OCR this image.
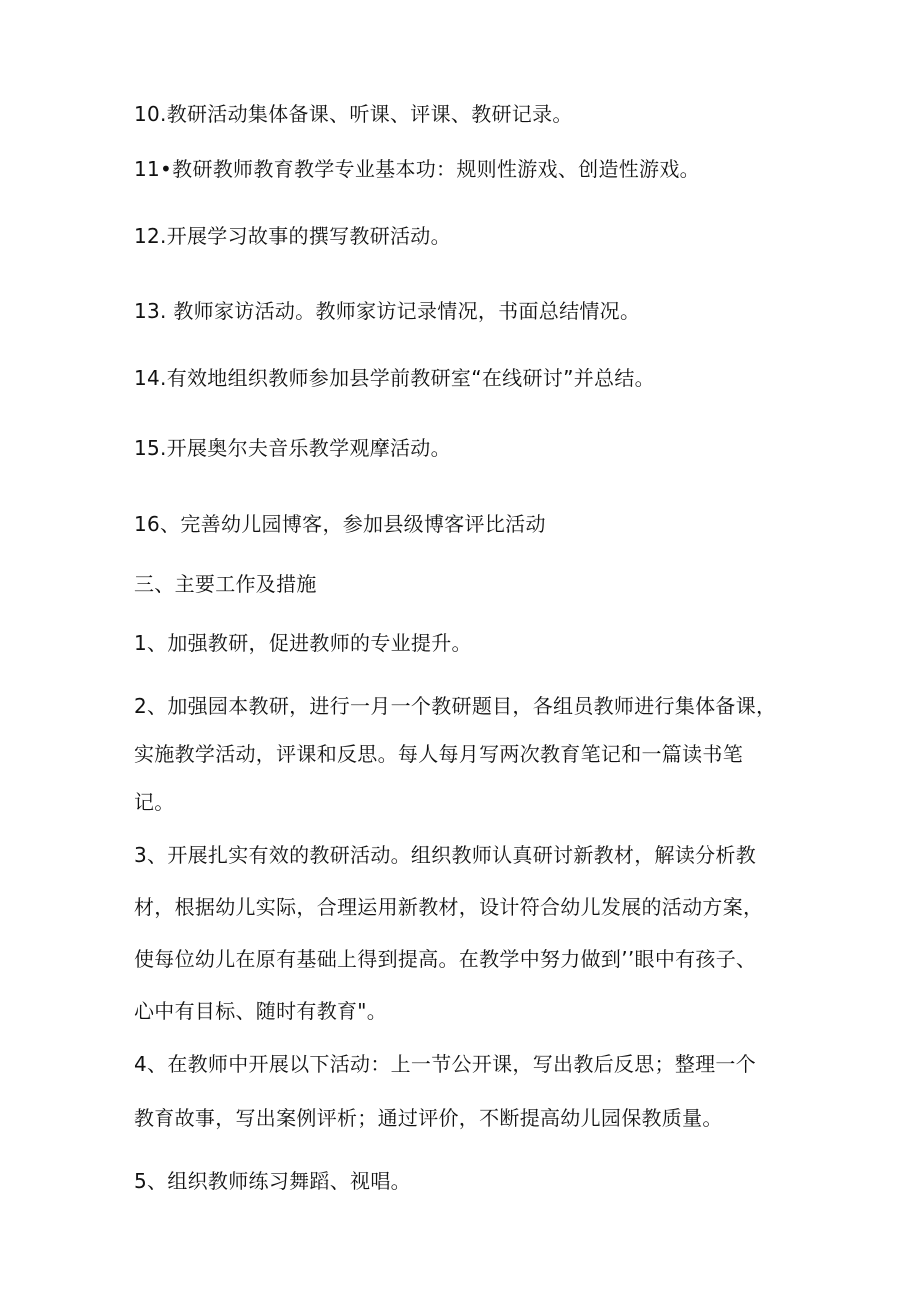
10.教研活动集体备课、听课、评课、教研记录。

11•教研教师教育教学专业基本功：规则性游戏、创造性游戏。

12.开展学习故事的撰写教研活动。

13. 教师家访活动。教师家访记录情况，书面总结情况。

14.有效地组织教师参加县学前教研室“在线研讨”并总结。

15.开展奥尔夫音乐教学观摩活动。

16、完善幼儿园博客，参加县级博客评比活动

三、主要工作及措施

1、加强教研，促进教师的专业提升。

2、加强园本教研，进行一月一个教研题目，各组员教师进行集体备课，
实施教学活动，评课和反思。每人每月写两次教育笔记和一篇读书笔
记。
3、开展扎实有效的教研活动。组织教师认真研讨新教材，解读分析教
材，根据幼儿实际，合理运用新教材，设计符合幼儿发展的活动方案，
使每位幼儿在原有基础上得到提高。在教学中努力做到’’眼中有孩子、
心中有目标、随时有教育"。
4、在教师中开展以下活动：上一节公开课，写出教后反思；整理一个
教育故事，写出案例评析；通过评价，不断提高幼儿园保教质量。

5、组织教师练习舞蹈、视唱。
